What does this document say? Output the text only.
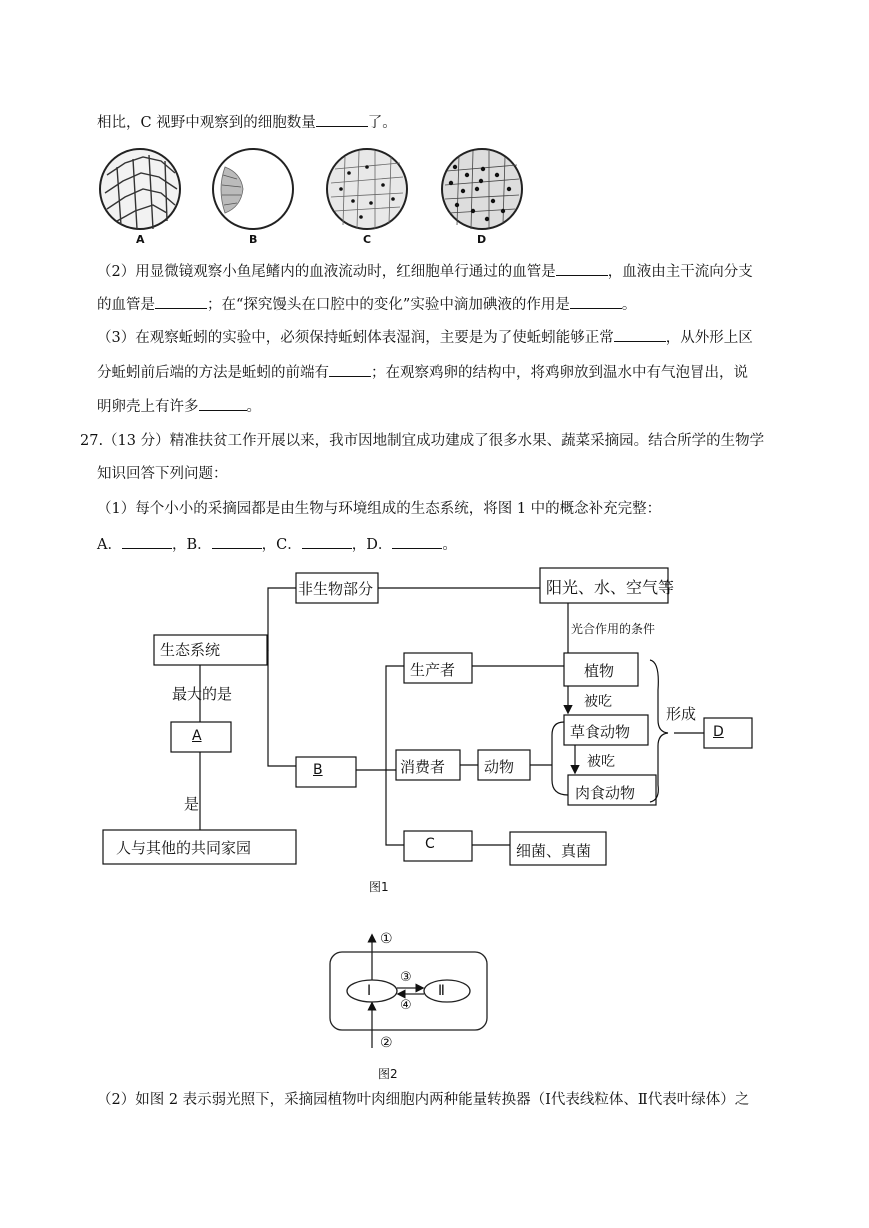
相比，C 视野中观察到的细胞数量	了。
A	B	C	D
（2）用显微镜观察小鱼尾鳍内的血液流动时，红细胞单行通过的血管是	，血液由主干流向分支
的血管是	；在“探究馒头在口腔中的变化”实验中滴加碘液的作用是	。
（3）在观察蚯蚓的实验中，必须保持蚯蚓体表湿润，主要是为了使蚯蚓能够正常	，从外形上区
分蚯蚓前后端的方法是蚯蚓的前端有	；在观察鸡卵的结构中，将鸡卵放到温水中有气泡冒出，说
明卵壳上有许多	。
27.（13 分）精准扶贫工作开展以来，我市因地制宜成功建成了很多水果、蔬菜采摘园。结合所学的生物学
知识回答下列问题：
（1）每个小小的采摘园都是由生物与环境组成的生态系统，将图 1 中的概念补充完整：
A．	，B．	，C．	，D．	。
生态系统
最大的是
A
是
人与其他的共同家园
非生物部分	阳光、水、空气等
光合作用的条件
B
生产者	植物
被吃
草食动物
被吃
肉食动物
形成
D
消费者	动物
C	细菌、真菌
图1
①
②
③
④
Ⅰ	Ⅱ
图2
（2）如图 2 表示弱光照下，采摘园植物叶肉细胞内两种能量转换器（Ⅰ代表线粒体、Ⅱ代表叶绿体）之
